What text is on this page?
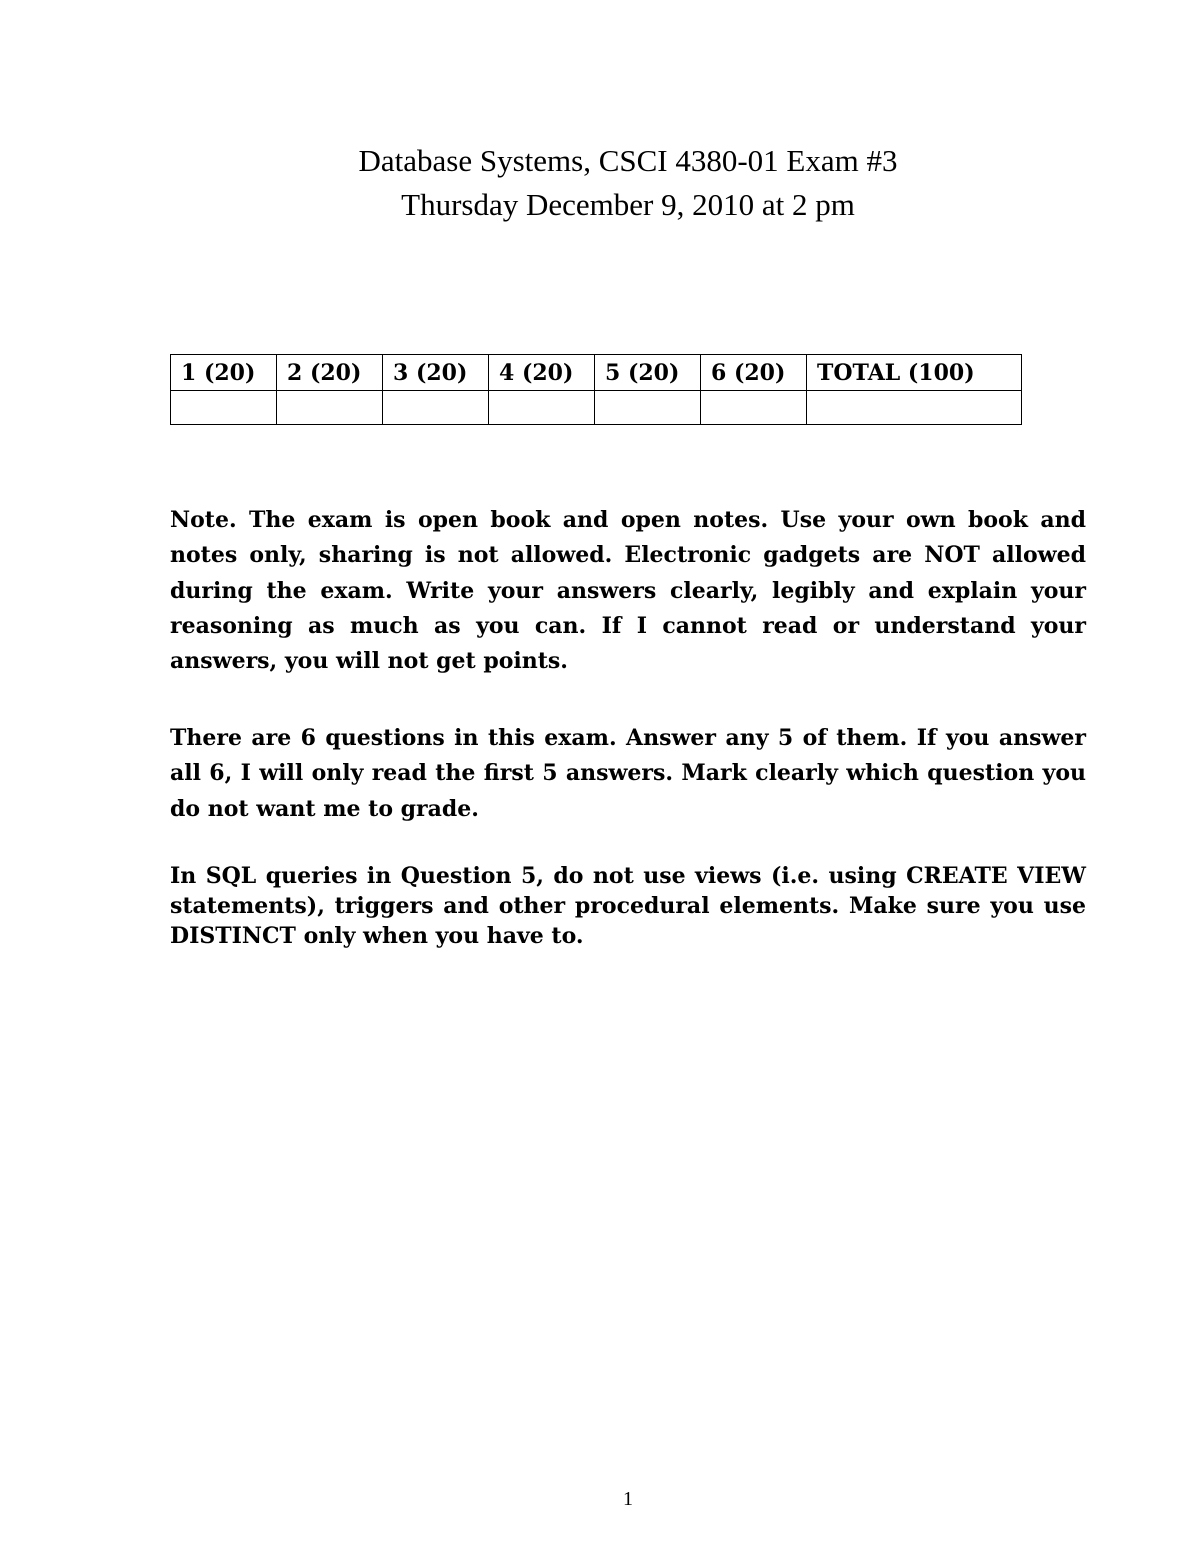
Database Systems, CSCI 4380-01 Exam #3
Thursday December 9, 2010 at 2 pm
1 (20)	2 (20)	3 (20)	4 (20)	5 (20)	6 (20)	TOTAL (100)

Note. The exam is open book and open notes. Use your own book and notes only, sharing is not allowed. Electronic gadgets are NOT allowed during the exam. Write your answers clearly, legibly and explain your reasoning as much as you can. If I cannot read or understand your answers, you will not get points.

There are 6 questions in this exam. Answer any 5 of them. If you answer all 6, I will only read the first 5 answers. Mark clearly which question you do not want me to grade.

In SQL queries in Question 5, do not use views (i.e. using CREATE VIEW statements), triggers and other procedural elements. Make sure you use DISTINCT only when you have to.

1
